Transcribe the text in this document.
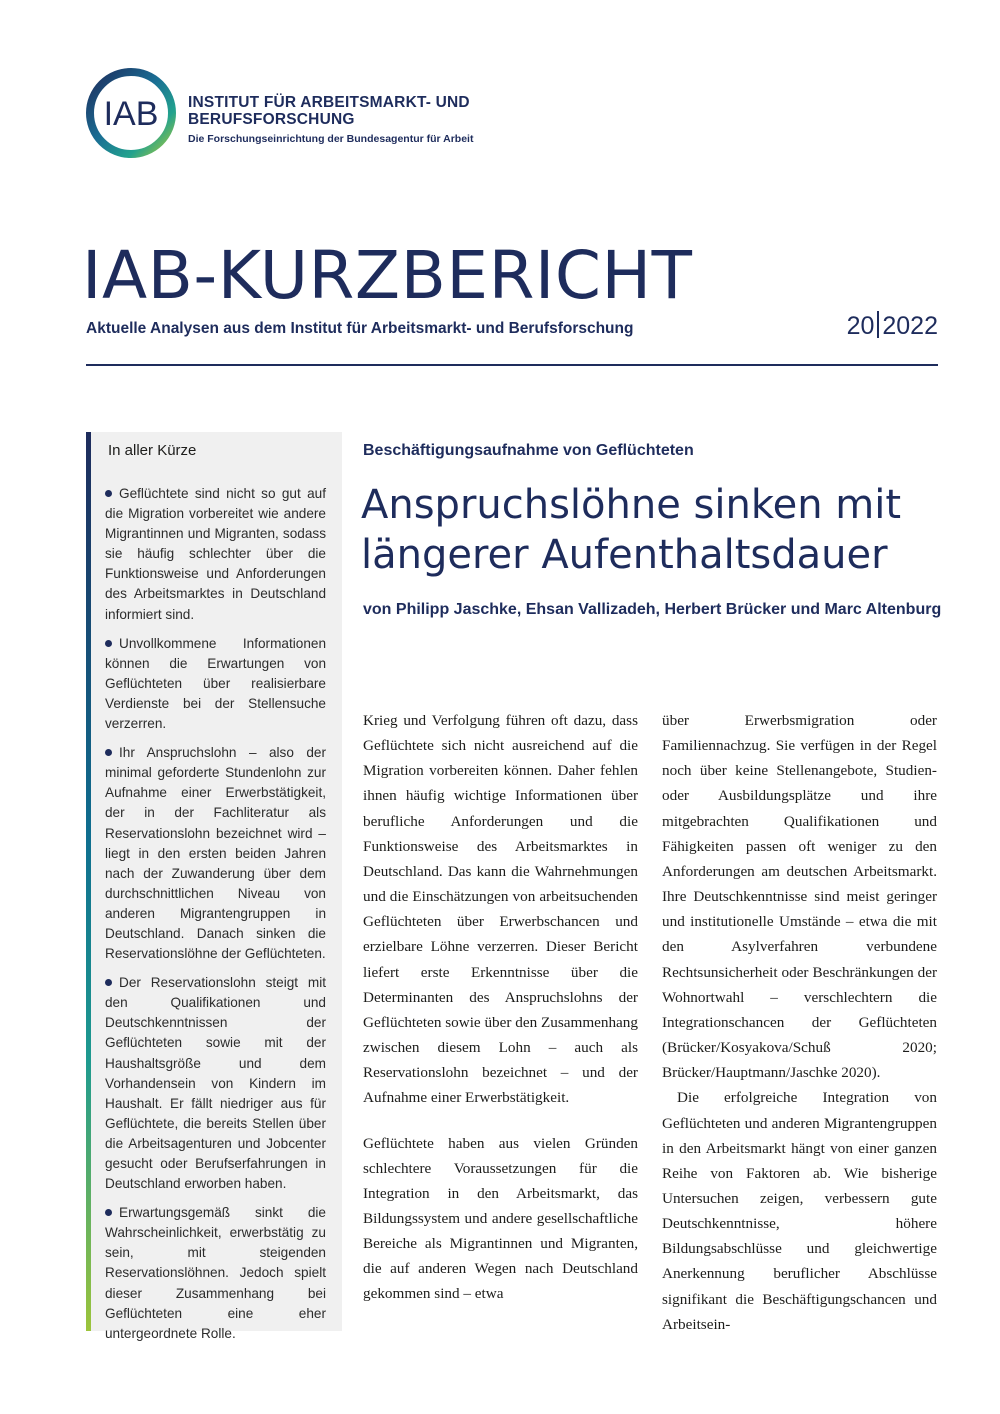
IAB INSTITUT FÜR ARBEITSMARKT- UND
BERUFSFORSCHUNG
Die Forschungseinrichtung der Bundesagentur für Arbeit
IAB-KURZBERICHT
Aktuelle Analysen aus dem Institut für Arbeitsmarkt- und Berufsforschung	20 2022
In aller Kürze
Geflüchtete sind nicht so gut auf die Migration vorbereitet wie andere Migrantinnen und Migranten, sodass sie häufig schlechter über die Funktionsweise und Anforderungen des Arbeitsmarktes in Deutschland informiert sind.
Unvollkommene Informationen können die Erwartungen von Geflüchteten über realisierbare Verdienste bei der Stellensuche verzerren.
Ihr Anspruchslohn – also der minimal geforderte Stundenlohn zur Aufnahme einer Erwerbstätigkeit, der in der Fachliteratur als Reservationslohn bezeichnet wird – liegt in den ersten beiden Jahren nach der Zuwanderung über dem durchschnittlichen Niveau von anderen Migrantengruppen in Deutschland. Danach sinken die Reservationslöhne der Geflüchteten.
Der Reservationslohn steigt mit den Qualifikationen und Deutschkenntnissen der Geflüchteten sowie mit der Haushaltsgröße und dem Vorhandensein von Kindern im Haushalt. Er fällt niedriger aus für Geflüchtete, die bereits Stellen über die Arbeitsagenturen und Jobcenter gesucht oder Berufserfahrungen in Deutschland erworben haben.
Erwartungsgemäß sinkt die Wahrscheinlichkeit, erwerbstätig zu sein, mit steigenden Reservationslöhnen. Jedoch spielt dieser Zusammenhang bei Geflüchteten eine eher untergeordnete Rolle.
Beschäftigungsaufnahme von Geflüchteten
Anspruchslöhne sinken mit
längerer Aufenthaltsdauer
von Philipp Jaschke, Ehsan Vallizadeh, Herbert Brücker und Marc Altenburg

Krieg und Verfolgung führen oft dazu, dass Geflüchtete sich nicht ausreichend auf die Migration vorbereiten können. Daher fehlen ihnen häufig wichtige Informationen über berufliche Anforderungen und die Funktionsweise des Arbeitsmarktes in Deutschland. Das kann die Wahrnehmungen und die Einschätzungen von arbeitsuchenden Geflüchteten über Erwerbschancen und erzielbare Löhne verzerren. Dieser Bericht liefert erste Erkenntnisse über die Determinanten des Anspruchslohns der Geflüchteten sowie über den Zusammenhang zwischen diesem Lohn – auch als Reservationslohn bezeichnet – und der Aufnahme einer Erwerbstätigkeit.

Geflüchtete haben aus vielen Gründen schlechtere Voraussetzungen für die Integration in den Arbeitsmarkt, das Bildungssystem und andere gesellschaftliche Bereiche als Migrantinnen und Migranten, die auf anderen Wegen nach Deutschland gekommen sind – etwa

über Erwerbsmigration oder Familiennachzug. Sie verfügen in der Regel noch über keine Stellenangebote, Studien- oder Ausbildungsplätze und ihre mitgebrachten Qualifikationen und Fähigkeiten passen oft weniger zu den Anforderungen am deutschen Arbeitsmarkt. Ihre Deutschkenntnisse sind meist geringer und institutionelle Umstände – etwa die mit den Asylverfahren verbundene Rechtsunsicherheit oder Beschränkungen der Wohnortwahl – verschlechtern die Integrationschancen der Geflüchteten (Brücker/Kosyakova/Schuß 2020; Brücker/Hauptmann/Jaschke 2020).

Die erfolgreiche Integration von Geflüchteten und anderen Migrantengruppen in den Arbeitsmarkt hängt von einer ganzen Reihe von Faktoren ab. Wie bisherige Untersuchen zeigen, verbessern gute Deutschkenntnisse, höhere Bildungsabschlüsse und gleichwertige Anerkennung beruflicher Abschlüsse signifikant die Beschäftigungschancen und Arbeitsein-
